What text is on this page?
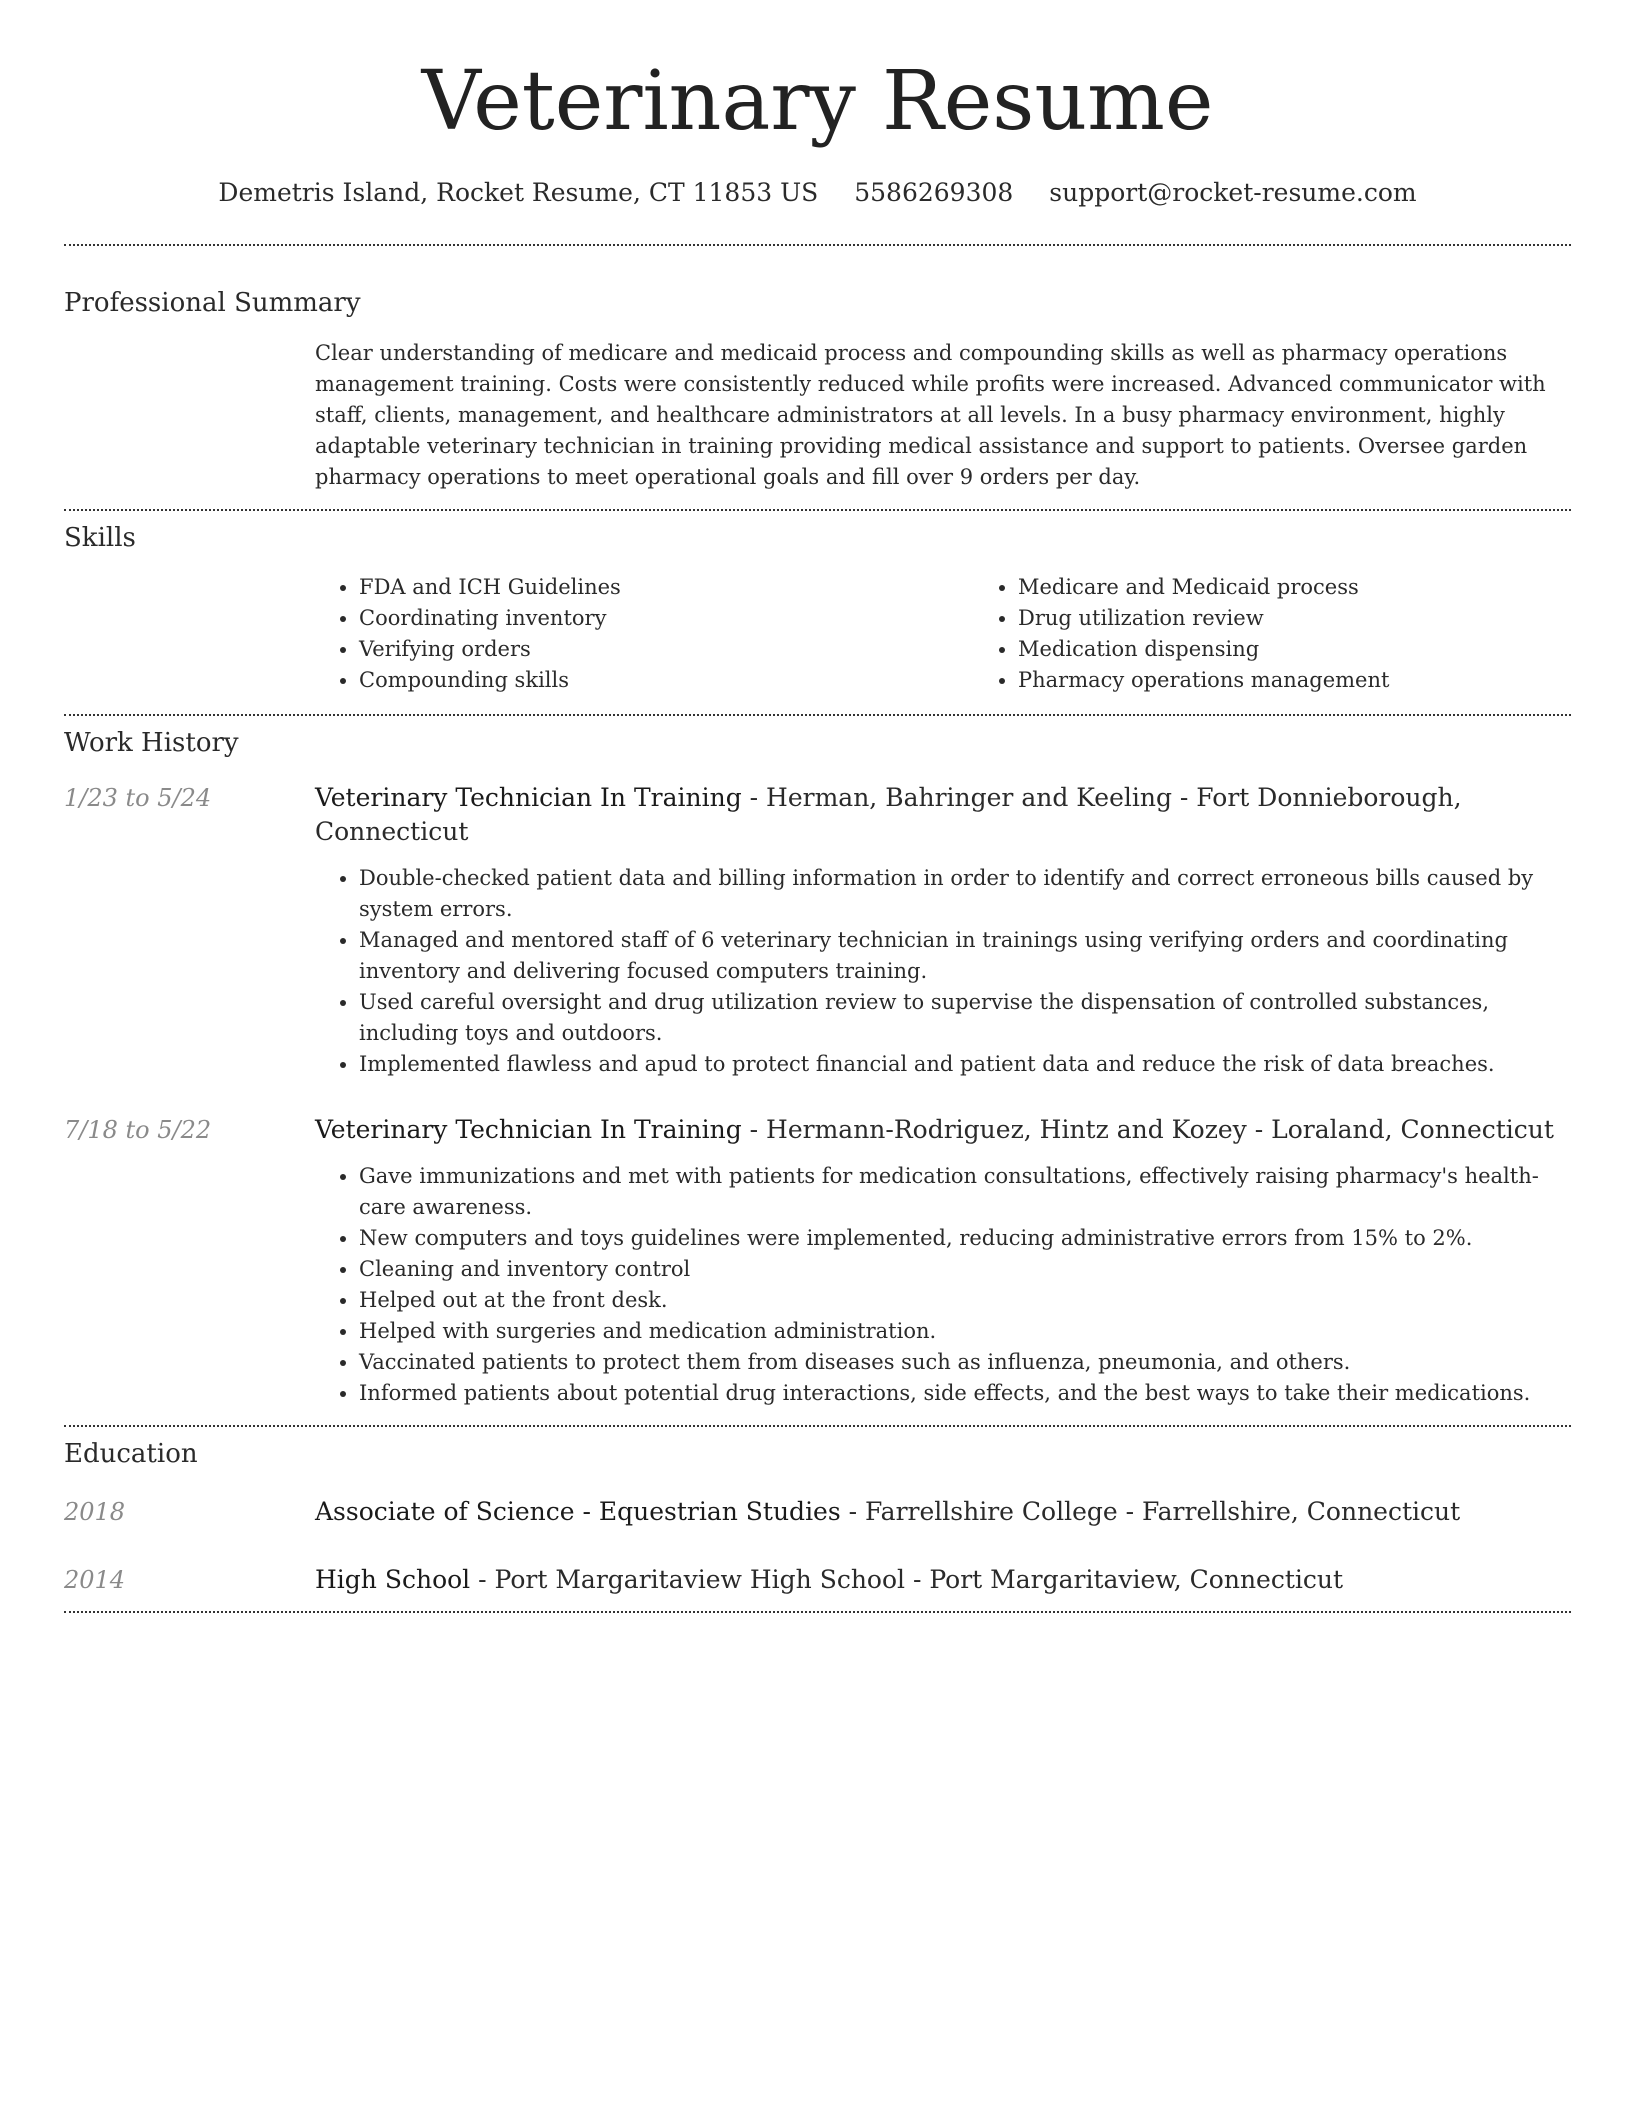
Veterinary Resume
Demetris Island, Rocket Resume, CT 11853 US 5586269308 support@rocket-resume.com
Professional Summary

Clear understanding of medicare and medicaid process and compounding skills as well as pharmacy operations management training. Costs were consistently reduced while profits were increased. Advanced communicator with staff, clients, management, and healthcare administrators at all levels. In a busy pharmacy environment, highly adaptable veterinary technician in training providing medical assistance and support to patients. Oversee garden pharmacy operations to meet operational goals and fill over 9 orders per day.

Skills
• FDA and ICH Guidelines
• Coordinating inventory
• Verifying orders
• Compounding skills
• Medicare and Medicaid process
• Drug utilization review
• Medication dispensing
• Pharmacy operations management
Work History
1/23 to 5/24	Veterinary Technician In Training - Herman, Bahringer and Keeling - Fort Donnieborough, Connecticut
• Double-checked patient data and billing information in order to identify and correct erroneous bills caused by system errors.
• Managed and mentored staff of 6 veterinary technician in trainings using verifying orders and coordinating inventory and delivering focused computers training.
• Used careful oversight and drug utilization review to supervise the dispensation of controlled substances, including toys and outdoors.
• Implemented flawless and apud to protect financial and patient data and reduce the risk of data breaches.
7/18 to 5/22	Veterinary Technician In Training - Hermann-Rodriguez, Hintz and Kozey - Loraland, Connecticut
• Gave immunizations and met with patients for medication consultations, effectively raising pharmacy's health-care awareness.
• New computers and toys guidelines were implemented, reducing administrative errors from 15% to 2%.
• Cleaning and inventory control
• Helped out at the front desk.
• Helped with surgeries and medication administration.
• Vaccinated patients to protect them from diseases such as influenza, pneumonia, and others.
• Informed patients about potential drug interactions, side effects, and the best ways to take their medications.
Education
2018	Associate of Science - Equestrian Studies - Farrellshire College - Farrellshire, Connecticut
2014	High School - Port Margaritaview High School - Port Margaritaview, Connecticut
